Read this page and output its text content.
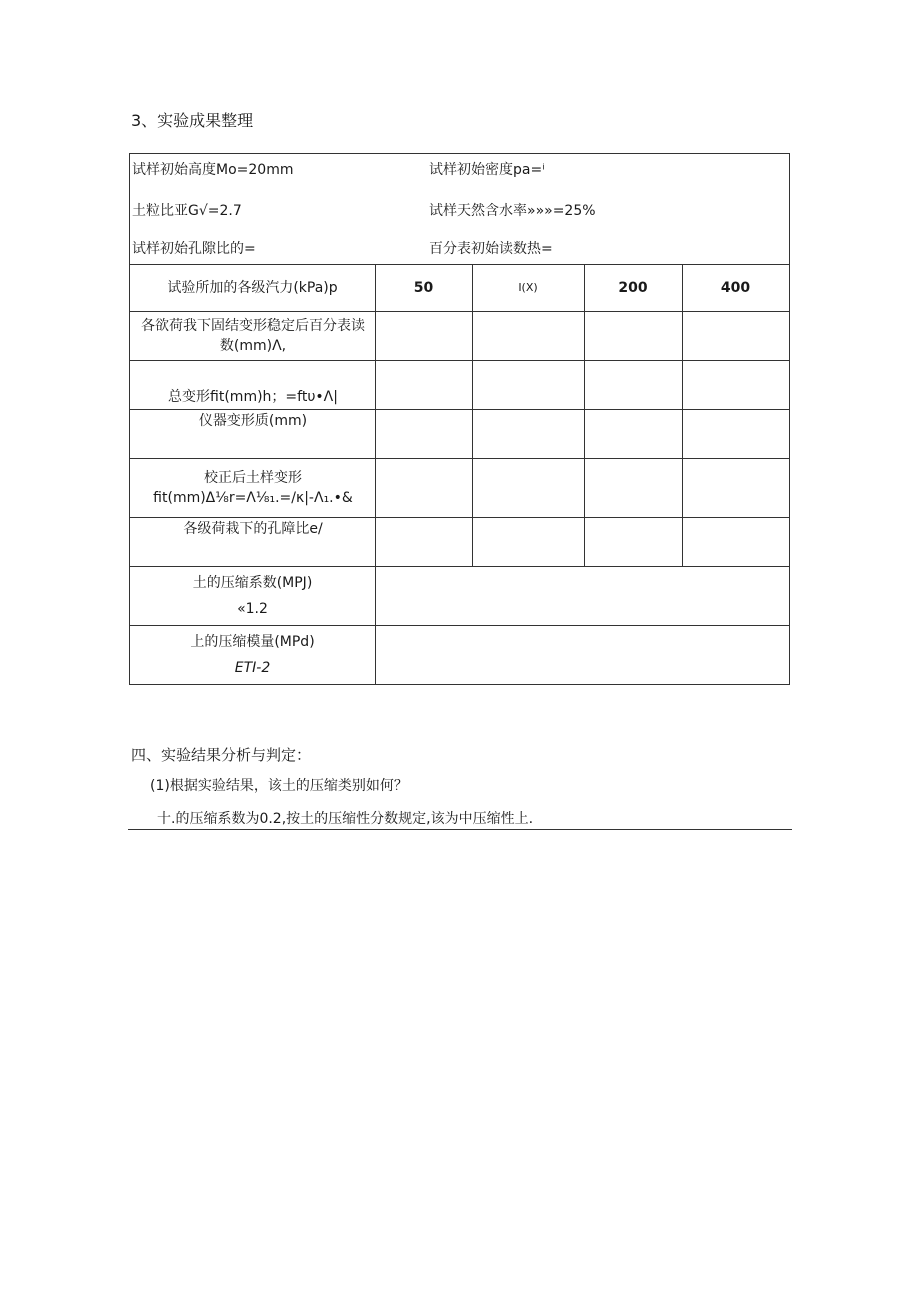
3、实验成果整理
试样初始高度Mo=20mm	试样初始密度pa=ⁱ
土粒比亚G√=2.7	试样天然含水率»»»=25%
试样初始孔隙比的=	百分表初始读数热=
试验所加的各级汽力(kPa)p	50	I(X)	200	400
各欲荷我下固结变形稳定后百分表读数(mm)Λ,
总变形fit(mm)h；=ftυ•Λ|
仪器变形质(mm)
校正后土样变形fit(mm)Δ⅛r=Λ⅛₁.=/κ|-Λ₁.•&
各级荷栽下的孔障比e/
土的压缩系数(MPJ)
«1.2
上的压缩模量(MPd)
ETI-2
四、实验结果分析与判定：
(1)根据实验结果，该土的压缩类别如何？
十.的压缩系数为0.2,按土的压缩性分数规定,该为中压缩性上.
